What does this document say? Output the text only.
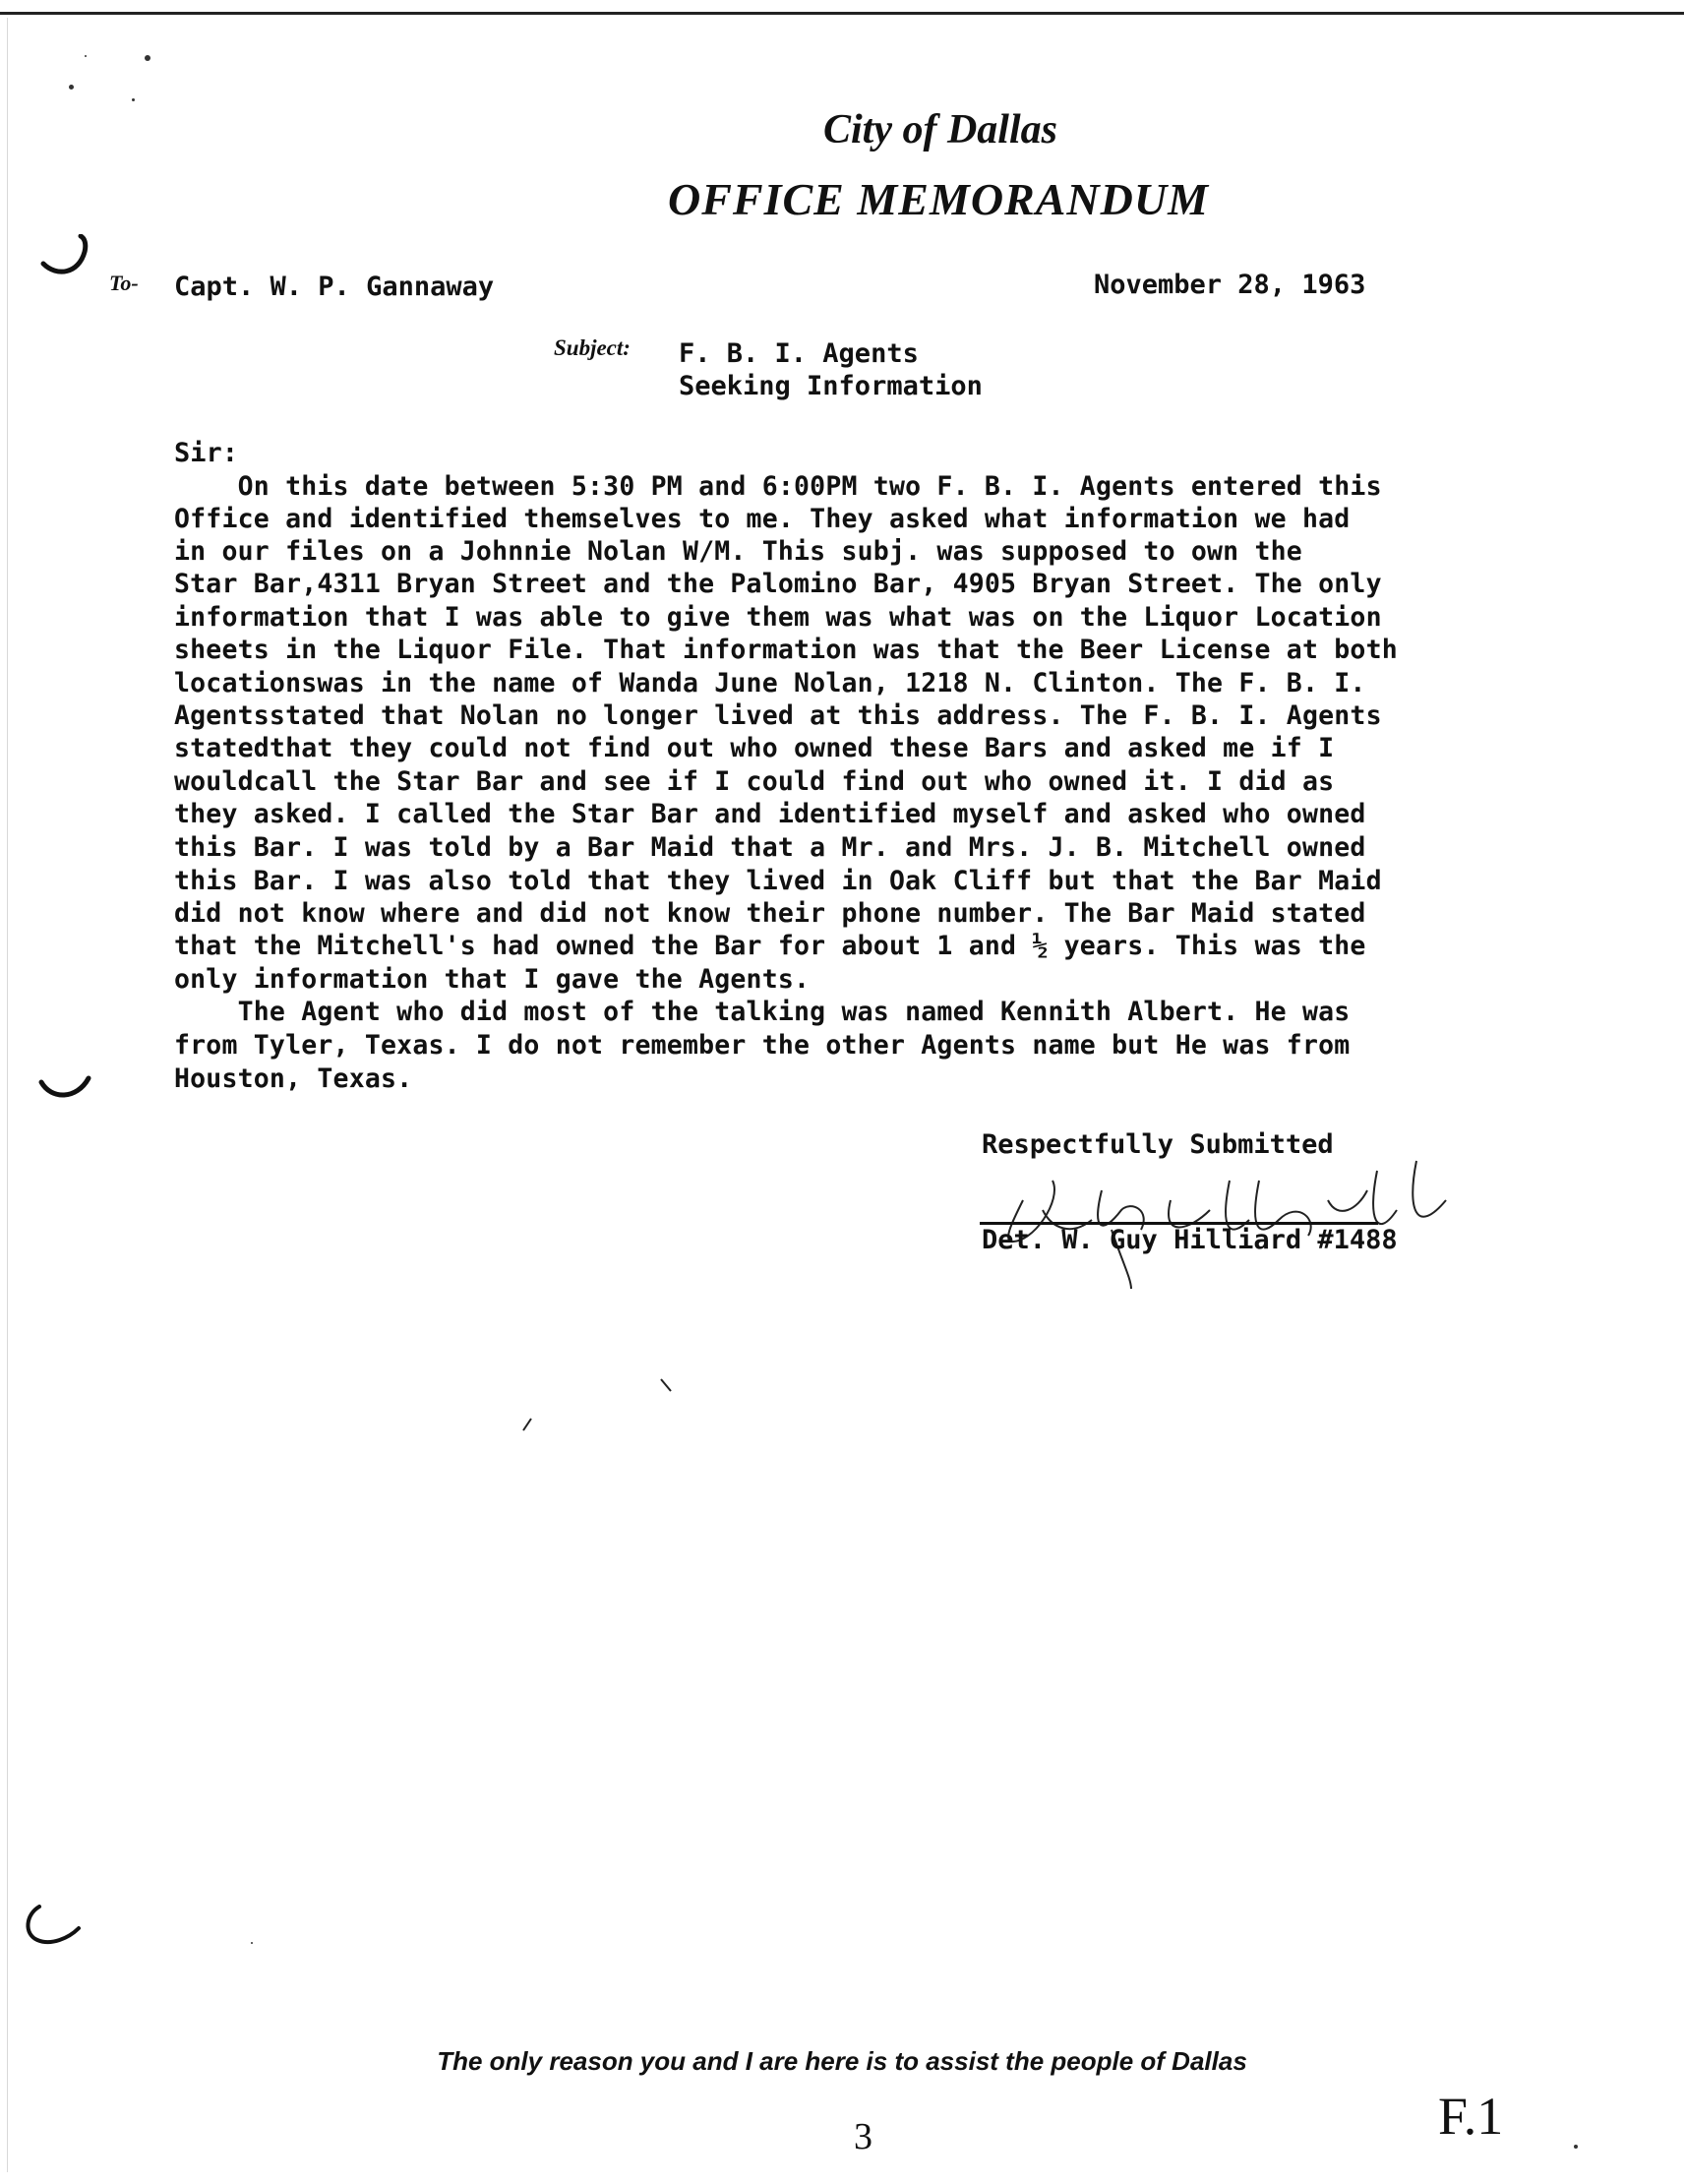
City of Dallas
OFFICE MEMORANDUM
To- Capt. W. P. Gannaway	November 28, 1963
Subject: F. B. I. Agents
Seeking Information
Sir:
On this date between 5:30 PM and 6:00PM two F. B. I. Agents entered this
Office and identified themselves to me. They asked what information we had
in our files on a Johnnie Nolan W/M. This subj. was supposed to own the
Star Bar,4311 Bryan Street and the Palomino Bar, 4905 Bryan Street. The only
information that I was able to give them was what was on the Liquor Location
sheets in the Liquor File. That information was that the Beer License at both
locationswas in the name of Wanda June Nolan, 1218 N. Clinton. The F. B. I.
Agentsstated that Nolan no longer lived at this address. The F. B. I. Agents
statedthat they could not find out who owned these Bars and asked me if I
wouldcall the Star Bar and see if I could find out who owned it. I did as
they asked. I called the Star Bar and identified myself and asked who owned
this Bar. I was told by a Bar Maid that a Mr. and Mrs. J. B. Mitchell owned
this Bar. I was also told that they lived in Oak Cliff but that the Bar Maid
did not know where and did not know their phone number. The Bar Maid stated
that the Mitchell's had owned the Bar for about 1 and ½ years. This was the
only information that I gave the Agents.
The Agent who did most of the talking was named Kennith Albert. He was
from Tyler, Texas. I do not remember the other Agents name but He was from
Houston, Texas.
Respectfully Submitted
Det. W. Guy Hilliard #1488
The only reason you and I are here is to assist the people of Dallas
3	F.1
